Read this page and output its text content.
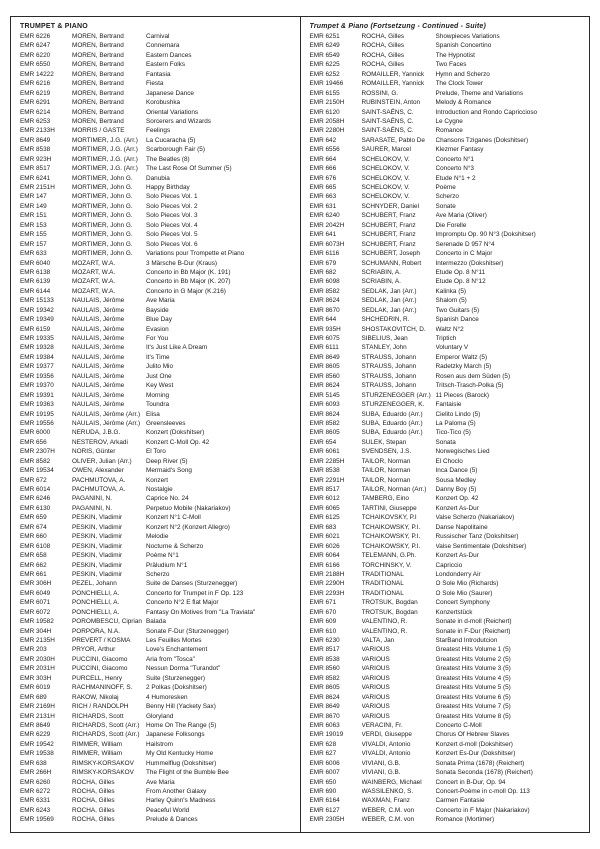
TRUMPET & PIANO
EMR 6226	MOREN, Bertrand	Carnival
EMR 6247	MOREN, Bertrand	Connemara
EMR 6220	MOREN, Bertrand	Eastern Dances
EMR 6550	MOREN, Bertrand	Eastern Folks
EMR 14222	MOREN, Bertrand	Fantasia
EMR 6216	MOREN, Bertrand	Fiesta
EMR 6219	MOREN, Bertrand	Japanese Dance
EMR 6291	MOREN, Bertrand	Korobushka
EMR 6214	MOREN, Bertrand	Oriental Variations
EMR 6253	MOREN, Bertrand	Sorcerers and Wizards
EMR 2133H	MORRIS / GASTE	Feelings
EMR 8649	MORTIMER, J.G. (Arr.)	La Cucaracha (5)
EMR 8538	MORTIMER, J.G. (Arr.)	Scarborough Fair (5)
EMR 923H	MORTIMER, J.G. (Arr.)	The Beatles (8)
EMR 8517	MORTIMER, J.G. (Arr.)	The Last Rose Of Summer (5)
EMR 6241	MORTIMER, John G.	Danubia
EMR 2151H	MORTIMER, John G.	Happy Birthday
EMR 147	MORTIMER, John G.	Solo Pieces Vol. 1
EMR 149	MORTIMER, John G.	Solo Pieces Vol. 2
EMR 151	MORTIMER, John G.	Solo Pieces Vol. 3
EMR 153	MORTIMER, John G.	Solo Pieces Vol. 4
EMR 155	MORTIMER, John G.	Solo Pieces Vol. 5
EMR 157	MORTIMER, John G.	Solo Pieces Vol. 6
EMR 633	MORTIMER, John G.	Variations pour Trompette et Piano
EMR 6040	MOZART, W.A.	3 Märsche B-Dur (Kraus)
EMR 6138	MOZART, W.A.	Concerto in Bb Major (K. 191)
EMR 6139	MOZART, W.A.	Concerto in Bb Major (K. 207)
EMR 6144	MOZART, W.A.	Concerto in G Major (K.216)
EMR 15133	NAULAIS, Jérôme	Ave Maria
EMR 19342	NAULAIS, Jérôme	Bayside
EMR 19349	NAULAIS, Jérôme	Blue Day
EMR 6159	NAULAIS, Jérôme	Evasion
EMR 19335	NAULAIS, Jérôme	For You
EMR 19328	NAULAIS, Jérôme	It's Just Like A Dream
EMR 19384	NAULAIS, Jérôme	It's Time
EMR 19377	NAULAIS, Jérôme	Julito Mio
EMR 19356	NAULAIS, Jérôme	Just One
EMR 19370	NAULAIS, Jérôme	Key West
EMR 19391	NAULAIS, Jérôme	Morning
EMR 19363	NAULAIS, Jérôme	Toundra
EMR 19195	NAULAIS, Jérôme (Arr.) Elisa
EMR 19556	NAULAIS, Jérôme (Arr.) Greensleeves
EMR 6000	NERUDA, J.B.G.	Konzert (Dokshitser)
EMR 656	NESTEROV, Arkadi	Konzert C-Moll Op. 42
EMR 2307H	NORIS, Günter	El Toro
EMR 8582	OLIVER, Julian (Arr.)	Deep River (5)
EMR 19534	OWEN, Alexander	Mermaid's Song
EMR 672	PACHMUTOVA, A.	Konzert
EMR 6014	PACHMUTOVA, A.	Nostalgie
EMR 6246	PAGANINI, N.	Caprice No. 24
EMR 6130	PAGANINI, N.	Perpetuo Mobile (Nakariakov)
EMR 659	PESKIN, Vladimir	Konzert N°1 C-Moll
EMR 674	PESKIN, Vladimir	Konzert N°2 (Konzert Allegro)
EMR 660	PESKIN, Vladimir	Melodie
EMR 6108	PESKIN, Vladimir	Nocturne & Scherzo
EMR 658	PESKIN, Vladimir	Poème N°1
EMR 662	PESKIN, Vladimir	Präludium N°1
EMR 661	PESKIN, Vladimir	Scherzo
EMR 306H	PEZEL, Johann	Suite de Danses (Sturzenegger)
EMR 6049	PONCHIELLI, A.	Concerto for Trumpet in F Op. 123
EMR 6071	PONCHIELLI, A.	Concerto N°2 E flat Major
EMR 6072	PONCHIELLI, A.	Fantasy On Motives from "La Traviata"
EMR 19582	POROMBESCU, Ciprian Balada
EMR 304H	PORPORA, N.A.	Sonate F-Dur (Sturzenegger)
EMR 2135H	PREVERT / KOSMA	Les Feuilles Mortes
EMR 203	PRYOR, Arthur	Love's Enchantement
EMR 2030H	PUCCINI, Giacomo	Aria from "Tosca"
EMR 2031H	PUCCINI, Giacomo	Nessun Dorma "Turandot"
EMR 303H	PURCELL, Henry	Suite (Sturzenegger)
EMR 6019	RACHMANINOFF, S.	2 Polkas (Dokshitser)
EMR 689	RAKOW, Nikolaj	4 Humoresken
EMR 2169H	RICH / RANDOLPH	Benny Hill (Yackety Sax)
EMR 2131H	RICHARDS, Scott	Gloryland
EMR 8649	RICHARDS, Scott (Arr.)	Home On The Range (5)
EMR 6229	RICHARDS, Scott (Arr.)	Japanese Folksongs
EMR 19542	RIMMER, William	Hailstrom
EMR 19538	RIMMER, William	My Old Kentucky Home
EMR 638	RIMSKY-KORSAKOV	Hummelflug (Dokshitser)
EMR 266H	RIMSKY-KORSAKOV	The Flight of the Bumble Bee
EMR 6260	ROCHA, Gilles	Ave Maria
EMR 6272	ROCHA, Gilles	From Another Galaxy
EMR 6331	ROCHA, Gilles	Harley Quinn's Madness
EMR 6243	ROCHA, Gilles	Peaceful World
EMR 19569	ROCHA, Gilles	Prelude & Dances
Trumpet & Piano (Fortsetzung - Continued - Suite)
EMR 6251	ROCHA, Gilles	Showpieces Variations
EMR 6249	ROCHA, Gilles	Spanish Concertino
EMR 6549	ROCHA, Gilles	The Hypnotist
EMR 6225	ROCHA, Gilles	Two Faces
EMR 6252	ROMAILLER, Yannick	Hymn and Scherzo
EMR 19466	ROMAILLER, Yannick	The Clock Tower
EMR 6155	ROSSINI, G.	Prelude, Theme and Variations
EMR 2150H	RUBINSTEIN, Anton	Melody & Romance
EMR 6120	SAINT-SAËNS, C.	Introduction and Rondo Capriccioso
EMR 2058H	SAINT-SAËNS, C.	Le Cygne
EMR 2280H	SAINT-SAËNS, C.	Romance
EMR 642	SARASATE, Pablo De	Chansons Tziganes (Dokshitser)
EMR 6556	SAURER, Marcel	Klezmer Fantasy
EMR 664	SCHELOKOV, V.	Concerto N°1
EMR 666	SCHELOKOV, V.	Concerto N°3
EMR 676	SCHELOKOV, V.	Etude N°1 + 2
EMR 665	SCHELOKOV, V.	Poème
EMR 663	SCHELOKOV, V.	Scherzo
EMR 631	SCHNYDER, Daniel	Sonate
EMR 6240	SCHUBERT, Franz	Ave Maria (Oliver)
EMR 2042H	SCHUBERT, Franz	Die Forelle
EMR 641	SCHUBERT, Franz	Impromptu Op. 90 N°3 (Dokshitser)
EMR 6073H	SCHUBERT, Franz	Serenade D 957 N°4
EMR 6116	SCHUBERT, Joseph	Concerto in C Major
EMR 679	SCHUMANN, Robert	Intermezzo (Dokshitser)
EMR 682	SCRIABIN, A.	Etude Op. 8 N°11
EMR 6098	SCRIABIN, A.	Etude Op. 8 N°12
EMR 8582	SEDLAK, Jan (Arr.)	Kalinka (5)
EMR 8624	SEDLAK, Jan (Arr.)	Shalom (5)
EMR 8670	SEDLAK, Jan (Arr.)	Two Guitars (5)
EMR 644	SHCHEDRIN, R.	Spanish Dance
EMR 935H	SHOSTAKOVITCH, D.	Waltz N°2
EMR 6075	SIBELIUS, Jean	Triptich
EMR 6111	STANLEY, John	Voluntary V
EMR 8649	STRAUSS, Johann	Emperor Waltz (5)
EMR 8605	STRAUSS, Johann	Radetzky March (5)
EMR 8560	STRAUSS, Johann	Rosen aus dem Süden (5)
EMR 8624	STRAUSS, Johann	Tritsch-Trasch-Polka (5)
EMR 5145	STURZENEGGER (Arr.) 11 Pieces (Barock)
EMR 6093	STURZENEGGER, K.	Fantaisie
EMR 8624	SUBA, Eduardo (Arr.)	Cielito Lindo (5)
EMR 8582	SUBA, Eduardo (Arr.)	La Paloma (5)
EMR 8605	SUBA, Eduardo (Arr.)	Tico-Tico (5)
EMR 654	SULEK, Stepan	Sonata
EMR 6061	SVENDSEN, J.S.	Norwegisches Lied
EMR 2285H	TAILOR, Norman	El Choclo
EMR 8538	TAILOR, Norman	Inca Dance (5)
EMR 2291H	TAILOR, Norman	Sousa Medley
EMR 8517	TAILOR, Norman (Arr.)	Danny Boy (5)
EMR 6012	TAMBERG, Eino	Konzert Op. 42
EMR 6065	TARTINI, Giuseppe	Konzert As-Dur
EMR 6125	TCHAIKOVSKY, P.I	Valse Scherzo (Nakariakov)
EMR 683	TCHAIKOWSKY, P.I.	Danse Napolitaine
EMR 6021	TCHAIKOWSKY, P.I.	Russischer Tanz (Dokshitser)
EMR 6026	TCHAIKOWSKY, P.I.	Valse Sentimentale (Dokshitser)
EMR 6064	TELEMANN, G.Ph.	Konzert As-Dur
EMR 6166	TORCHINSKY, V.	Capriccio
EMR 2188H	TRADITIONAL	Londonderry Air
EMR 2290H	TRADITIONAL	O Sole Mio (Richards)
EMR 2293H	TRADITIONAL	O Sole Mio (Saurer)
EMR 671	TROTSUK, Bogdan	Concert Symphony
EMR 670	TROTSUK, Bogdan	Konzertstück
EMR 609	VALENTINO, R.	Sonate in d-moll (Reichert)
EMR 610	VALENTINO, R.	Sonate in F-Dur (Reichert)
EMR 6230	VALTA, Jan	StarBand Introdutcion
EMR 8517	VARIOUS	Greatest Hits Volume 1 (5)
EMR 8538	VARIOUS	Greatest Hits Volume 2 (5)
EMR 8560	VARIOUS	Greatest Hits Volume 3 (5)
EMR 8582	VARIOUS	Greatest Hits Volume 4 (5)
EMR 8605	VARIOUS	Greatest Hits Volume 5 (5)
EMR 8624	VARIOUS	Greatest Hits Volume 6 (5)
EMR 8649	VARIOUS	Greatest Hits Volume 7 (5)
EMR 8670	VARIOUS	Greatest Hits Volume 8 (5)
EMR 6063	VERACINI, Fr.	Concerto C-Moll
EMR 19019	VERDI, Giuseppe	Chorus Of Hebrew Slaves
EMR 628	VIVALDI, Antonio	Konzert d-moll (Dokshitser)
EMR 627	VIVALDI, Antonio	Konzert Es-Dur (Dokshitser)
EMR 6006	VIVIANI, G.B.	Sonata Prima (1678) (Reichert)
EMR 6007	VIVIANI, G.B.	Sonata Seconda (1678) (Reichert)
EMR 650	WAINBERG, Michael	Concert in B-Dur, Op. 94
EMR 690	WASSILENKO, S.	Concert-Poème in c-moll Op. 113
EMR 6164	WAXMAN, Franz	Carmen Fantasie
EMR 6127	WEBER, C.M. von	Concerto in F Major (Nakariakov)
EMR 2305H	WEBER, C.M. von	Romance (Mortimer)
